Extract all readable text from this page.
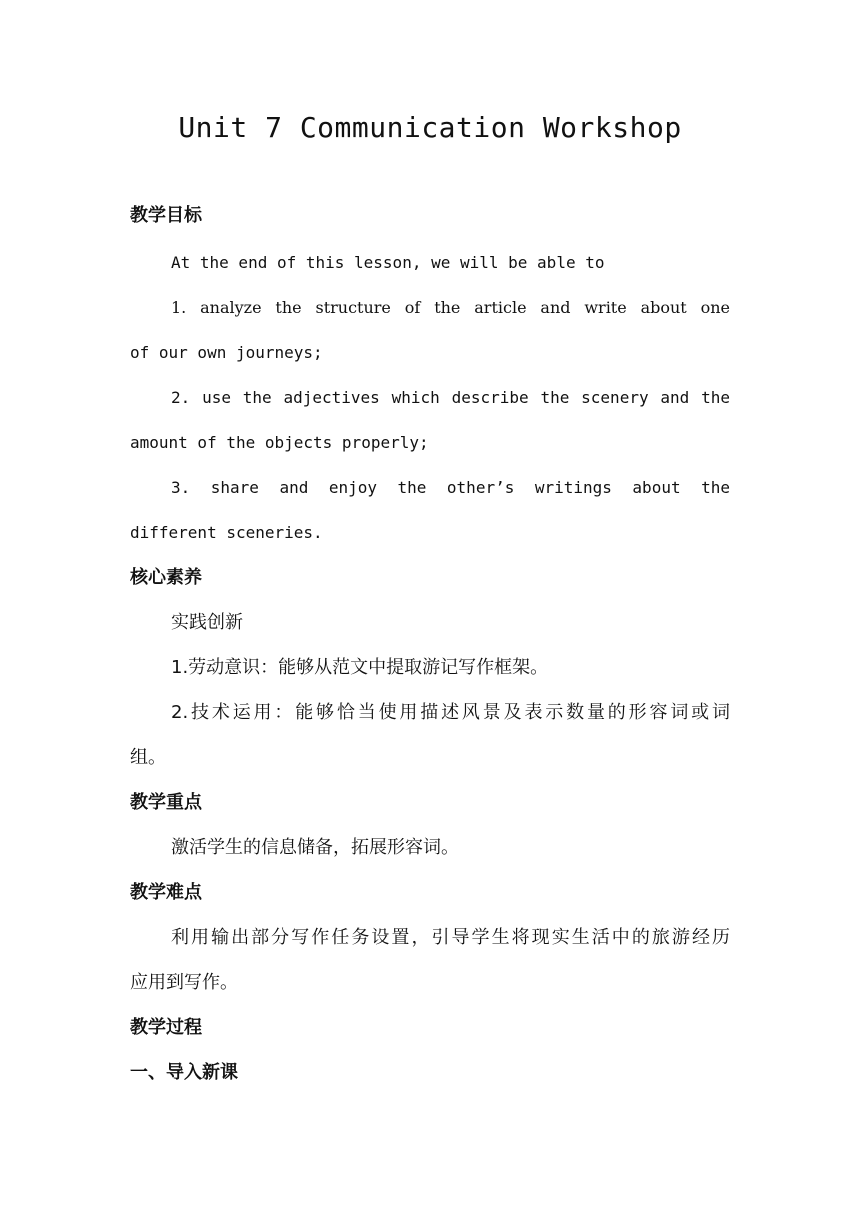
Unit 7 Communication Workshop
教学目标
At the end of this lesson, we will be able to
1. analyze the structure of the article and write about one
of our own journeys;
2. use the adjectives which describe the scenery and the
amount of the objects properly;
3. share and enjoy the other’s writings about the
different sceneries.
核心素养
实践创新
1.劳动意识：能够从范文中提取游记写作框架。
2.技术运用：能够恰当使用描述风景及表示数量的形容词或词
组。
教学重点
激活学生的信息储备，拓展形容词。
教学难点
利用输出部分写作任务设置，引导学生将现实生活中的旅游经历
应用到写作。
教学过程
一、导入新课
